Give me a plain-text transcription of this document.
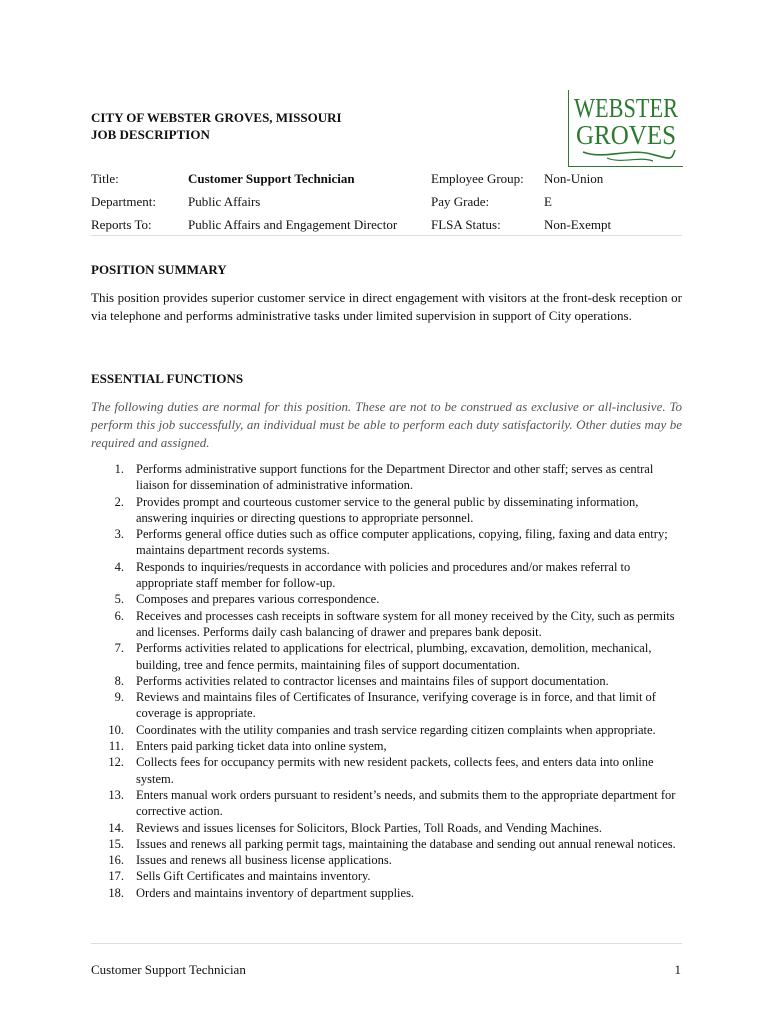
CITY OF WEBSTER GROVES, MISSOURI
JOB DESCRIPTION
WEBSTER
GROVES
Title:	Customer Support Technician	Employee Group: Non-Union
Department: Public Affairs	Pay Grade:	E
Reports To:	Public Affairs and Engagement Director	FLSA Status:	Non-Exempt
POSITION SUMMARY
This position provides superior customer service in direct engagement with visitors at the front-desk reception or via telephone and performs administrative tasks under limited supervision in support of City operations.
ESSENTIAL FUNCTIONS
The following duties are normal for this position. These are not to be construed as exclusive or all-inclusive. To perform this job successfully, an individual must be able to perform each duty satisfactorily. Other duties may be required and assigned.
1. Performs administrative support functions for the Department Director and other staff; serves as central liaison for dissemination of administrative information.
2. Provides prompt and courteous customer service to the general public by disseminating information, answering inquiries or directing questions to appropriate personnel.
3. Performs general office duties such as office computer applications, copying, filing, faxing and data entry; maintains department records systems.
4. Responds to inquiries/requests in accordance with policies and procedures and/or makes referral to appropriate staff member for follow-up.
5. Composes and prepares various correspondence.
6. Receives and processes cash receipts in software system for all money received by the City, such as permits and licenses. Performs daily cash balancing of drawer and prepares bank deposit.
7. Performs activities related to applications for electrical, plumbing, excavation, demolition, mechanical, building, tree and fence permits, maintaining files of support documentation.
8. Performs activities related to contractor licenses and maintains files of support documentation.
9. Reviews and maintains files of Certificates of Insurance, verifying coverage is in force, and that limit of coverage is appropriate.
10. Coordinates with the utility companies and trash service regarding citizen complaints when appropriate.
11. Enters paid parking ticket data into online system,
12. Collects fees for occupancy permits with new resident packets, collects fees, and enters data into online system.
13. Enters manual work orders pursuant to resident’s needs, and submits them to the appropriate department for corrective action.
14. Reviews and issues licenses for Solicitors, Block Parties, Toll Roads, and Vending Machines.
15. Issues and renews all parking permit tags, maintaining the database and sending out annual renewal notices.
16. Issues and renews all business license applications.
17. Sells Gift Certificates and maintains inventory.
18. Orders and maintains inventory of department supplies.
Customer Support Technician	1
